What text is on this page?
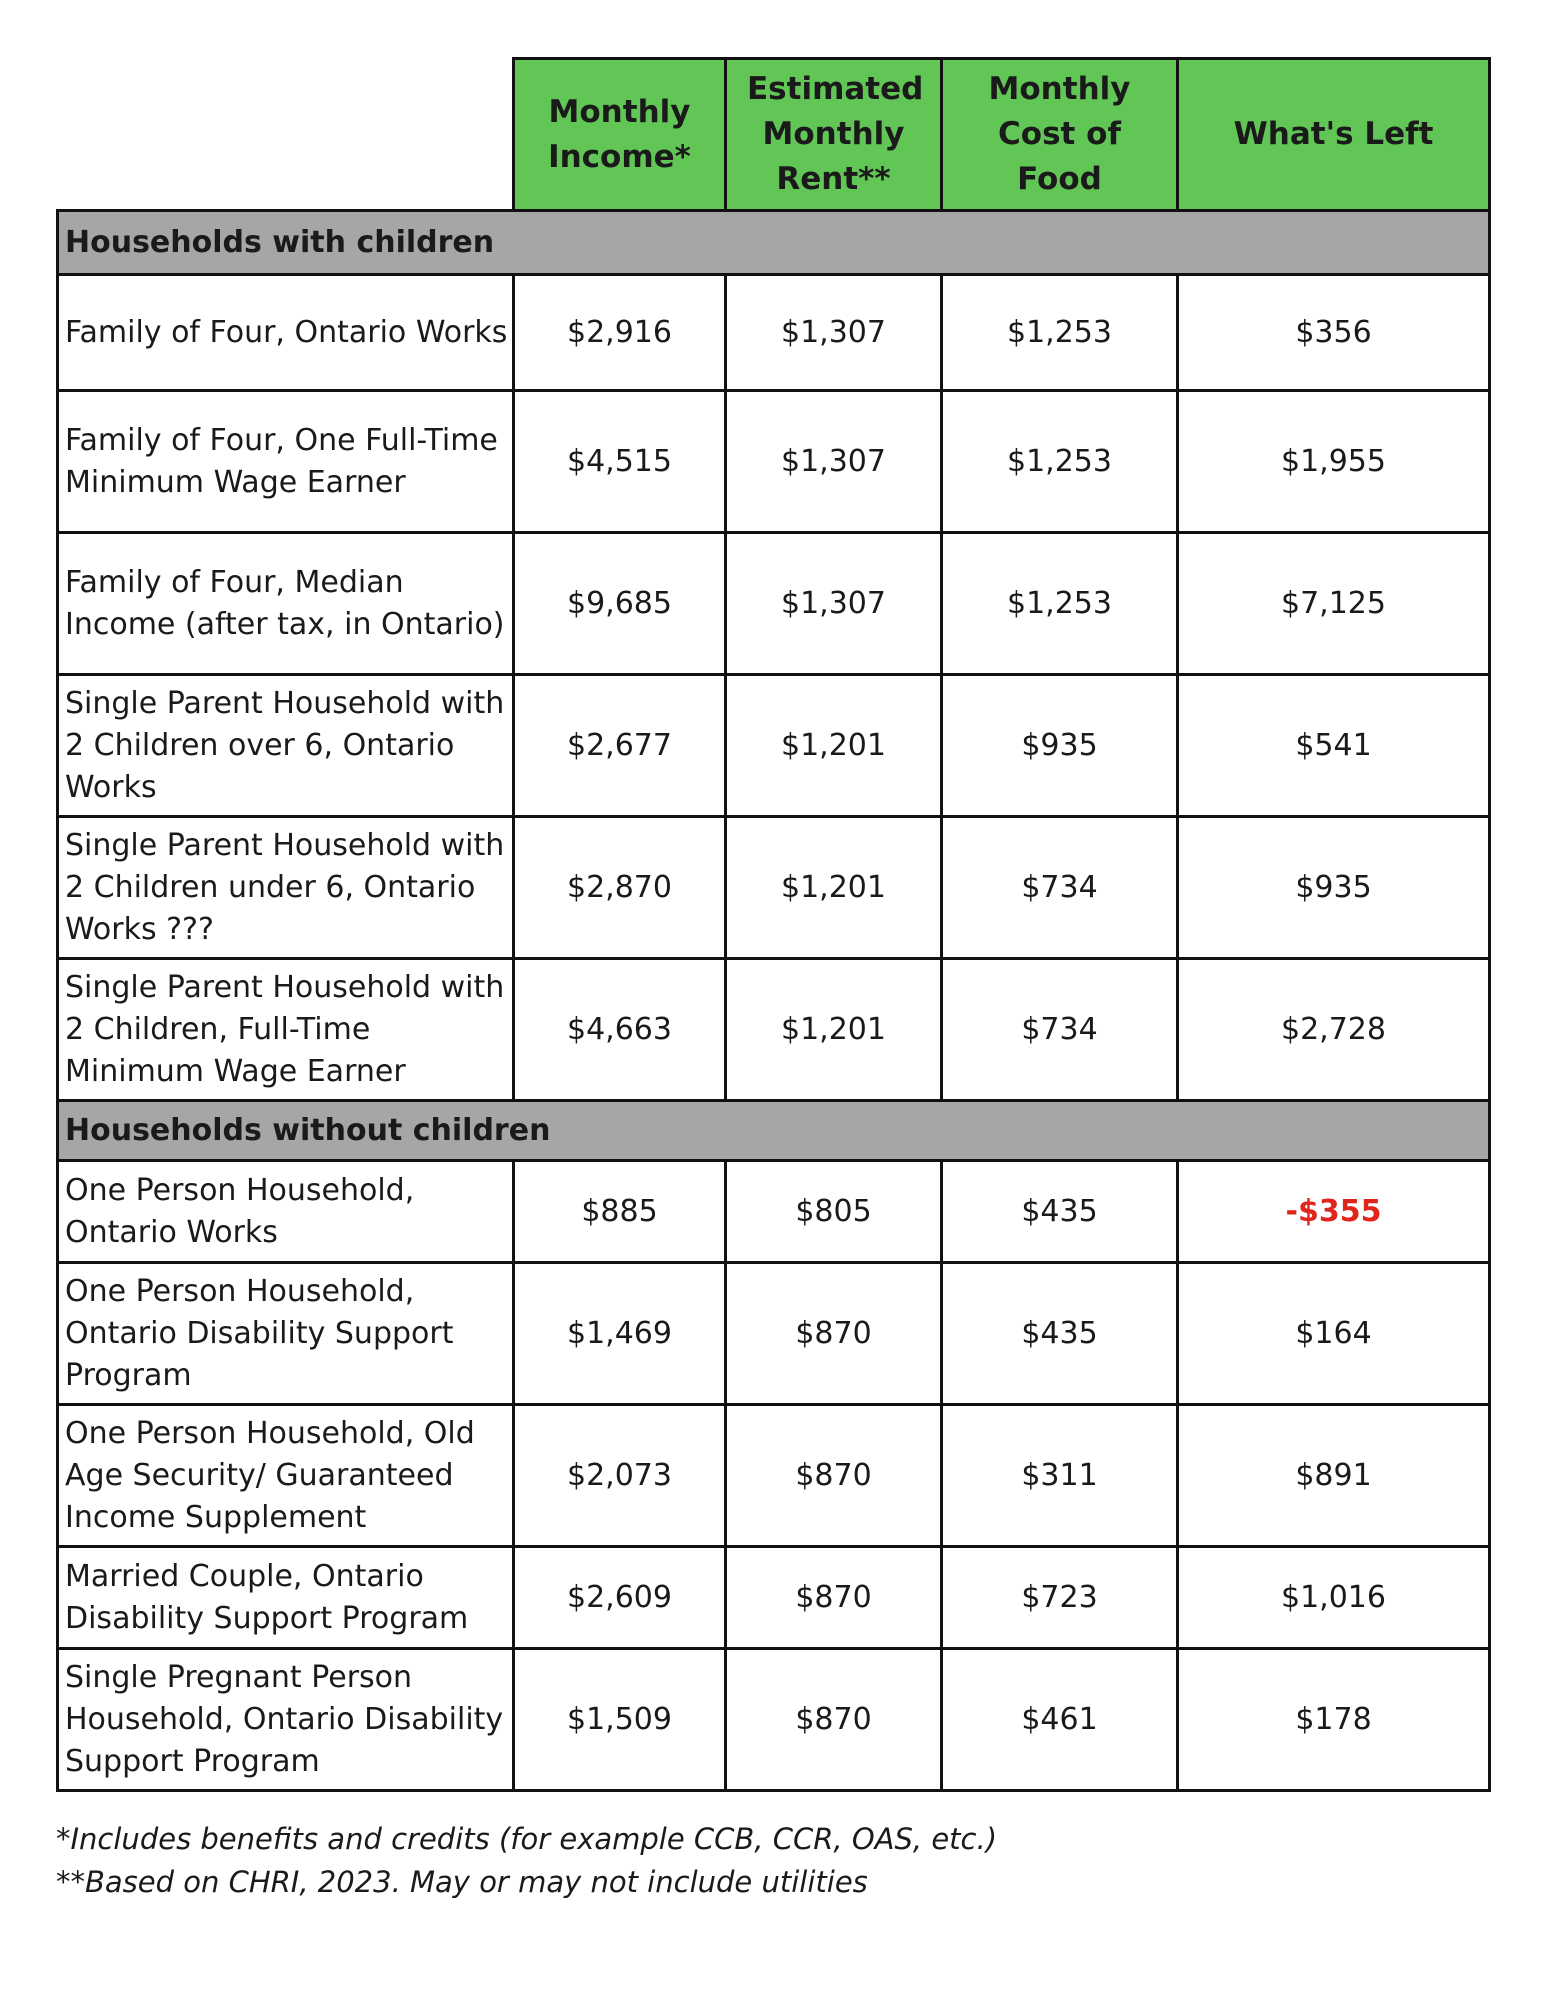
	Monthly Income*	Estimated Monthly Rent**	Monthly Cost of Food	What's Left
Households with children				
Family of Four, Ontario Works	$2,916	$1,307	$1,253	$356
Family of Four, One Full-Time Minimum Wage Earner	$4,515	$1,307	$1,253	$1,955
Family of Four, Median Income (after tax, in Ontario)	$9,685	$1,307	$1,253	$7,125
Single Parent Household with 2 Children over 6, Ontario Works	$2,677	$1,201	$935	$541
Single Parent Household with 2 Children under 6, Ontario Works ???	$2,870	$1,201	$734	$935
Single Parent Household with 2 Children, Full-Time Minimum Wage Earner	$4,663	$1,201	$734	$2,728
Households without children				
One Person Household, Ontario Works	$885	$805	$435	-$355
One Person Household, Ontario Disability Support Program	$1,469	$870	$435	$164
One Person Household, Old Age Security/ Guaranteed Income Supplement	$2,073	$870	$311	$891
Married Couple, Ontario Disability Support Program	$2,609	$870	$723	$1,016
Single Pregnant Person Household, Ontario Disability Support Program	$1,509	$870	$461	$178
*Includes benefits and credits (for example CCB, CCR, OAS, etc.)
**Based on CHRI, 2023. May or may not include utilities
